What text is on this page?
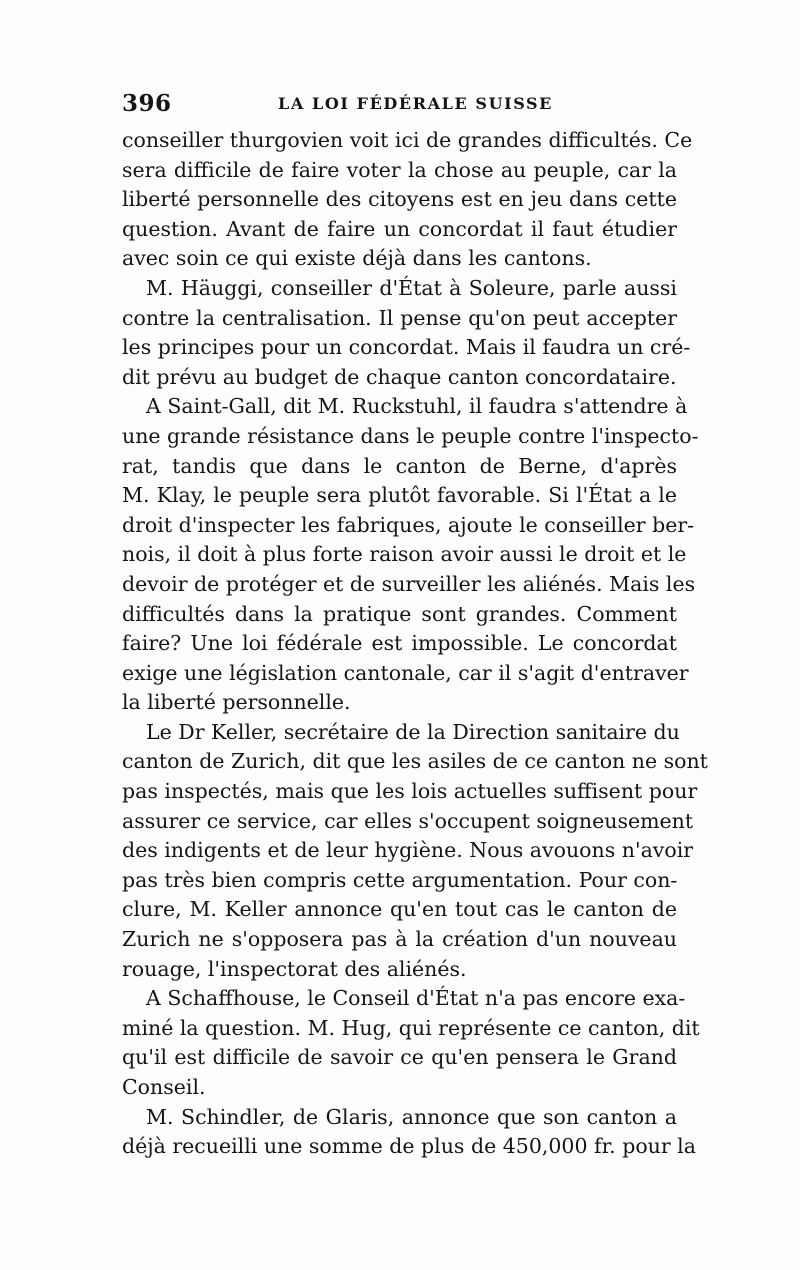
396	LA LOI FÉDÉRALE SUISSE
conseiller thurgovien voit ici de grandes difficultés. Ce
sera difficile de faire voter la chose au peuple, car la
liberté personnelle des citoyens est en jeu dans cette
question. Avant de faire un concordat il faut étudier
avec soin ce qui existe déjà dans les cantons.
M. Häuggi, conseiller d'État à Soleure, parle aussi
contre la centralisation. Il pense qu'on peut accepter
les principes pour un concordat. Mais il faudra un cré-
dit prévu au budget de chaque canton concordataire.
A Saint-Gall, dit M. Ruckstuhl, il faudra s'attendre à
une grande résistance dans le peuple contre l'inspecto-
rat, tandis que dans le canton de Berne, d'après
M. Klay, le peuple sera plutôt favorable. Si l'État a le
droit d'inspecter les fabriques, ajoute le conseiller ber-
nois, il doit à plus forte raison avoir aussi le droit et le
devoir de protéger et de surveiller les aliénés. Mais les
difficultés dans la pratique sont grandes. Comment
faire? Une loi fédérale est impossible. Le concordat
exige une législation cantonale, car il s'agit d'entraver
la liberté personnelle.
Le Dr Keller, secrétaire de la Direction sanitaire du
canton de Zurich, dit que les asiles de ce canton ne sont
pas inspectés, mais que les lois actuelles suffisent pour
assurer ce service, car elles s'occupent soigneusement
des indigents et de leur hygiène. Nous avouons n'avoir
pas très bien compris cette argumentation. Pour con-
clure, M. Keller annonce qu'en tout cas le canton de
Zurich ne s'opposera pas à la création d'un nouveau
rouage, l'inspectorat des aliénés.
A Schaffhouse, le Conseil d'État n'a pas encore exa-
miné la question. M. Hug, qui représente ce canton, dit
qu'il est difficile de savoir ce qu'en pensera le Grand
Conseil.
M. Schindler, de Glaris, annonce que son canton a
déjà recueilli une somme de plus de 450,000 fr. pour la
